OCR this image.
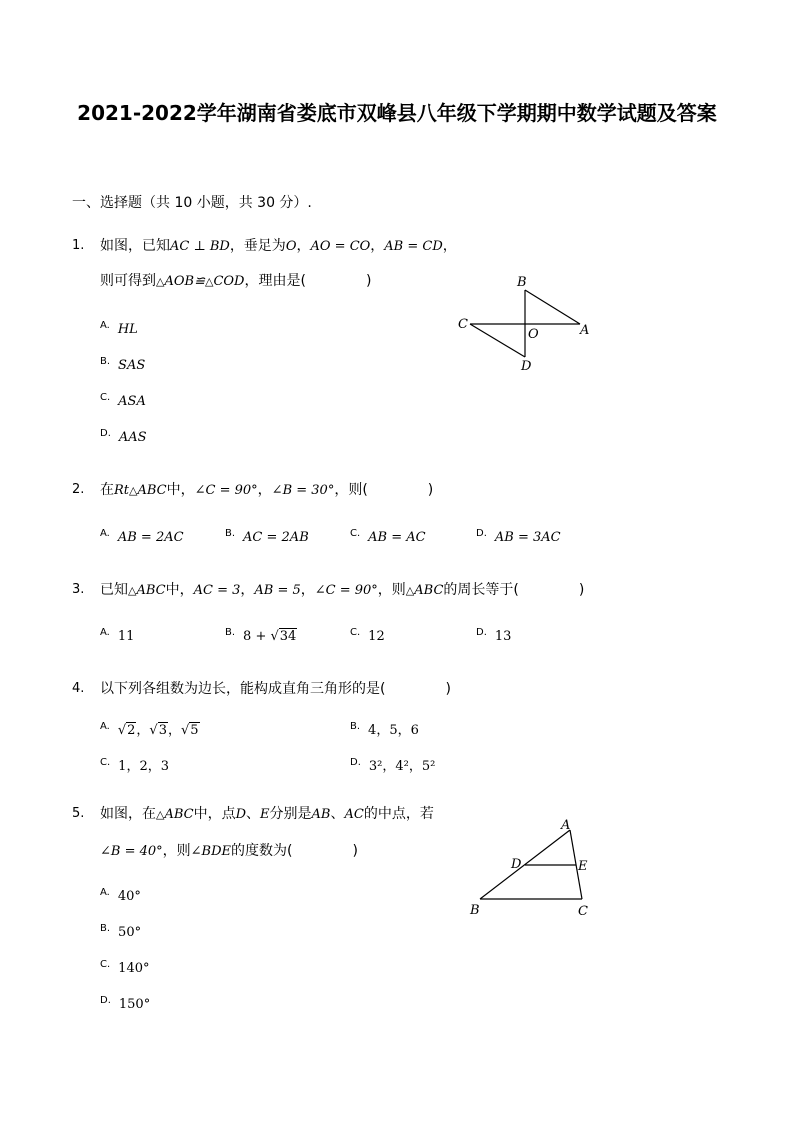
2021-2022学年湖南省娄底市双峰县八年级下学期期中数学试题及答案
一、选择题（共 10 小题，共 30 分）.
1. 如图，已知AC ⊥ BD，垂足为O，AO = CO，AB = CD，
则可得到△AOB≌△COD，理由是(	)
$^{A.}$ HL
$^{B.}$ SAS
$^{C.}$ ASA
$^{D.}$ AAS
B
C
O	A
D
2. 在Rt△ABC中，∠C = 90°，∠B = 30°，则(	)
$^{A.}$ AB = 2AC	$^{B.}$ AC = 2AB	$^{C.}$ AB = AC	$^{D.}$ AB = 3AC
3. 已知△ABC中，AC = 3，AB = 5，∠C = 90°，则△ABC的周长等于(	)
$^{A.}$ 11	$^{B.}$ 8 + √34	$^{C.}$ 12	$^{D.}$ 13
4. 以下列各组数为边长，能构成直角三角形的是(	)
$^{A.}$ √2，√3，√5	$^{B.}$ 4，5，6
$^{C.}$ 1，2，3	$^{D.}$ 3²，4²，5²
5. 如图，在△ABC中，点D、E分别是AB、AC的中点，若
∠B = 40°，则∠BDE的度数为(	)
$^{A.}$ 40°
$^{B.}$ 50°
$^{C.}$ 140°
$^{D.}$ 150°
A
D	E
B	C
